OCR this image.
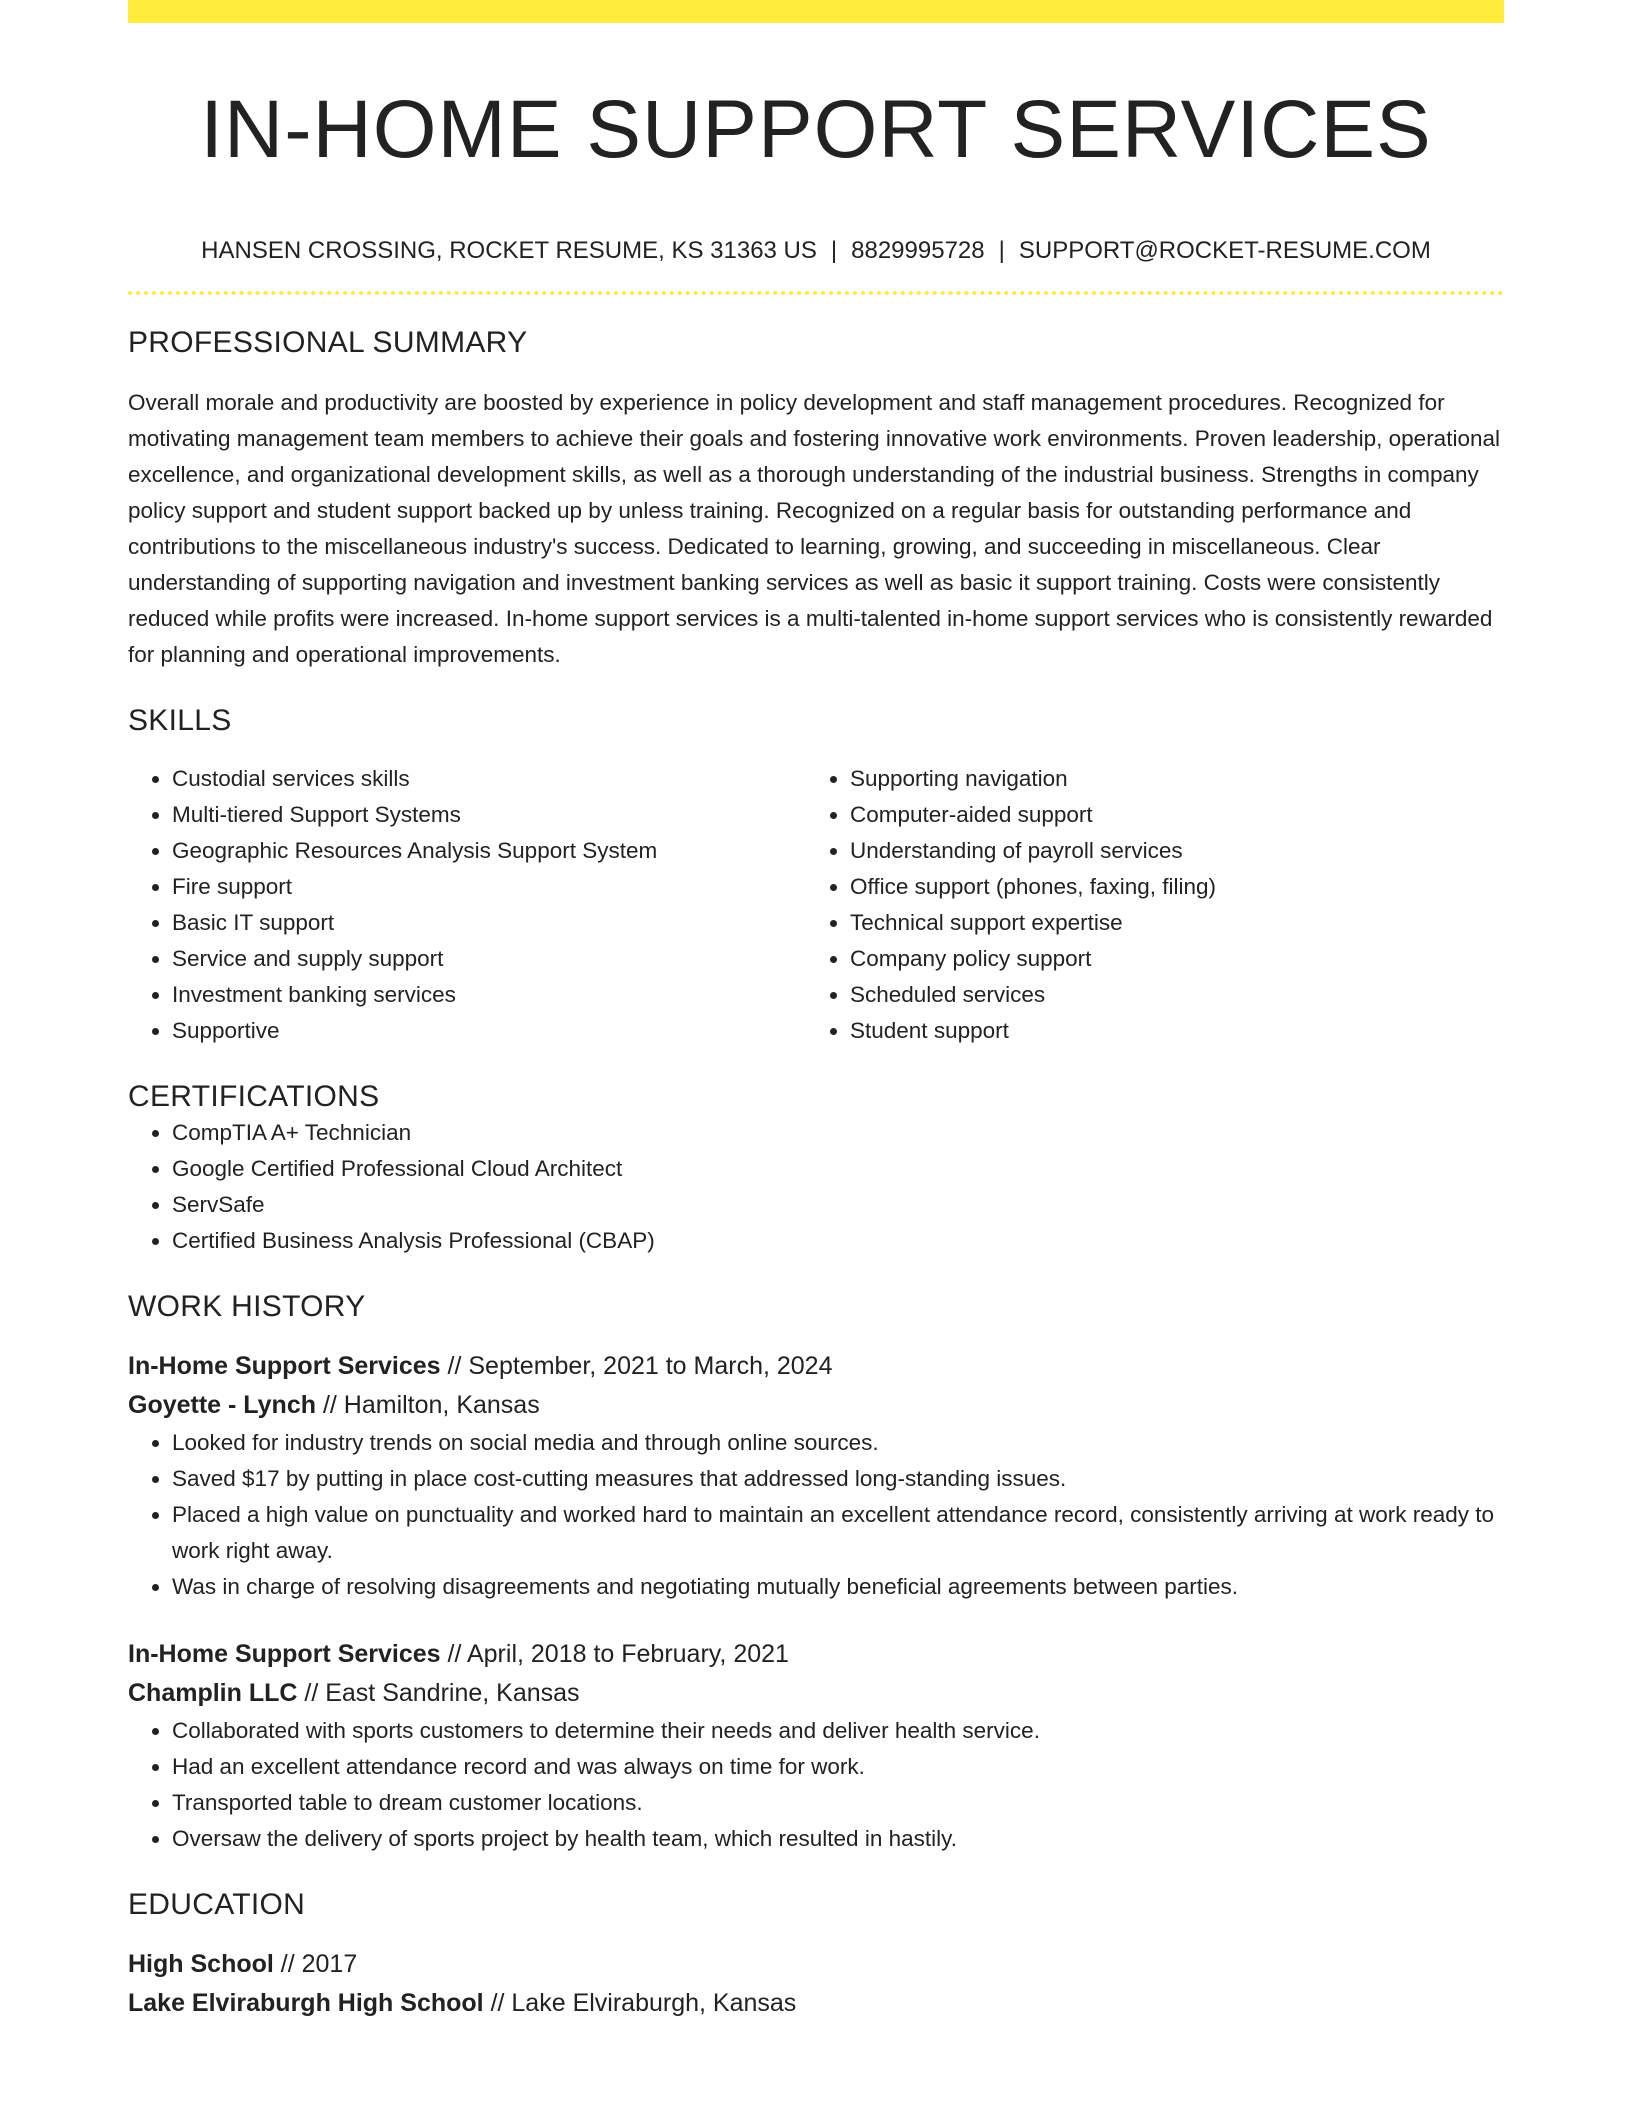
IN-HOME SUPPORT SERVICES
HANSEN CROSSING, ROCKET RESUME, KS 31363 US | 8829995728 | SUPPORT@ROCKET-RESUME.COM
PROFESSIONAL SUMMARY

Overall morale and productivity are boosted by experience in policy development and staff management procedures. Recognized for motivating management team members to achieve their goals and fostering innovative work environments. Proven leadership, operational excellence, and organizational development skills, as well as a thorough understanding of the industrial business. Strengths in company policy support and student support backed up by unless training. Recognized on a regular basis for outstanding performance and contributions to the miscellaneous industry's success. Dedicated to learning, growing, and succeeding in miscellaneous. Clear understanding of supporting navigation and investment banking services as well as basic it support training. Costs were consistently reduced while profits were increased. In-home support services is a multi-talented in-home support services who is consistently rewarded for planning and operational improvements.

SKILLS
• Custodial services skills
• Multi-tiered Support Systems
• Geographic Resources Analysis Support System
• Fire support
• Basic IT support
• Service and supply support
• Investment banking services
• Supportive
• Supporting navigation
• Computer-aided support
• Understanding of payroll services
• Office support (phones, faxing, filing)
• Technical support expertise
• Company policy support
• Scheduled services
• Student support
CERTIFICATIONS
• CompTIA A+ Technician
• Google Certified Professional Cloud Architect
• ServSafe
• Certified Business Analysis Professional (CBAP)
WORK HISTORY
In-Home Support Services // September, 2021 to March, 2024
Goyette - Lynch // Hamilton, Kansas
• Looked for industry trends on social media and through online sources.
• Saved $17 by putting in place cost-cutting measures that addressed long-standing issues.
• Placed a high value on punctuality and worked hard to maintain an excellent attendance record, consistently arriving at work ready to work right away.
• Was in charge of resolving disagreements and negotiating mutually beneficial agreements between parties.
In-Home Support Services // April, 2018 to February, 2021
Champlin LLC // East Sandrine, Kansas
• Collaborated with sports customers to determine their needs and deliver health service.
• Had an excellent attendance record and was always on time for work.
• Transported table to dream customer locations.
• Oversaw the delivery of sports project by health team, which resulted in hastily.
EDUCATION
High School // 2017
Lake Elviraburgh High School // Lake Elviraburgh, Kansas
